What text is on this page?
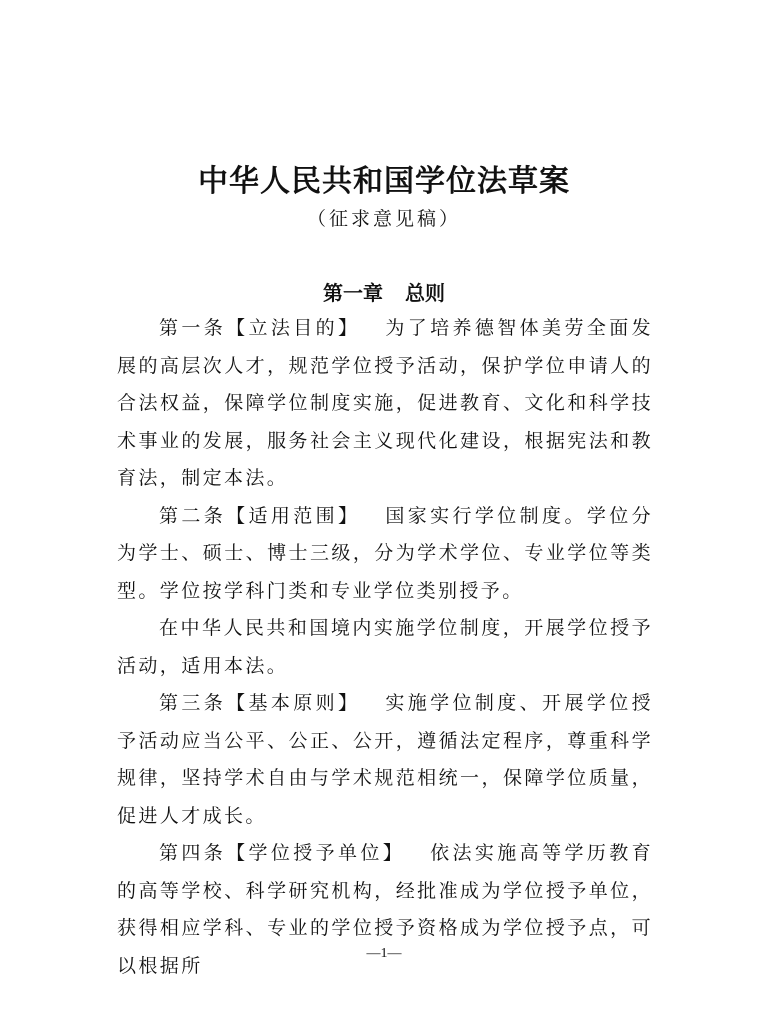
中华人民共和国学位法草案
（征求意见稿）
第一章 总则

第一条【立法目的】 为了培养德智体美劳全面发展的高层次人才，规范学位授予活动，保护学位申请人的合法权益，保障学位制度实施，促进教育、文化和科学技术事业的发展，服务社会主义现代化建设，根据宪法和教育法，制定本法。

第二条【适用范围】 国家实行学位制度。学位分为学士、硕士、博士三级，分为学术学位、专业学位等类型。学位按学科门类和专业学位类别授予。

在中华人民共和国境内实施学位制度，开展学位授予活动，适用本法。

第三条【基本原则】 实施学位制度、开展学位授予活动应当公平、公正、公开，遵循法定程序，尊重科学规律，坚持学术自由与学术规范相统一，保障学位质量，促进人才成长。

第四条【学位授予单位】 依法实施高等学历教育的高等学校、科学研究机构，经批准成为学位授予单位，获得相应学科、专业的学位授予资格成为学位授予点，可以根据所

—1—
